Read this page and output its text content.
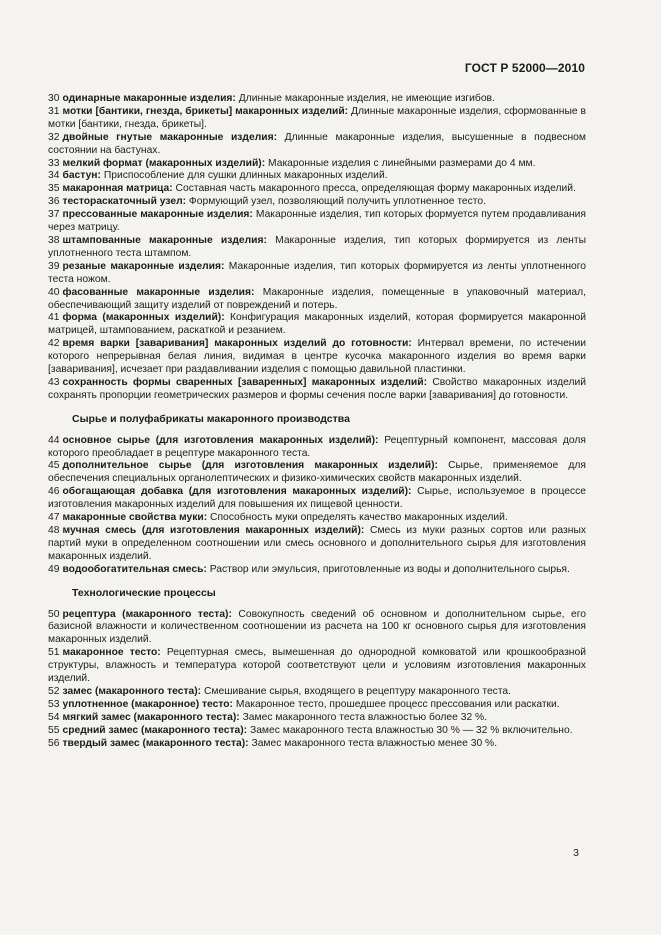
ГОСТ Р 52000—2010

30 одинарные макаронные изделия: Длинные макаронные изделия, не имеющие изгибов.

31 мотки [бантики, гнезда, брикеты] макаронных изделий: Длинные макаронные изделия, сформованные в мотки [бантики, гнезда, брикеты].

32 двойные гнутые макаронные изделия: Длинные макаронные изделия, высушенные в подвесном состоянии на бастунах.

33 мелкий формат (макаронных изделий): Макаронные изделия с линейными размерами до 4 мм.

34 бастун: Приспособление для сушки длинных макаронных изделий.

35 макаронная матрица: Составная часть макаронного пресса, определяющая форму макаронных изделий.

36 тестораскаточный узел: Формующий узел, позволяющий получить уплотненное тесто.

37 прессованные макаронные изделия: Макаронные изделия, тип которых формуется путем продавливания через матрицу.

38 штампованные макаронные изделия: Макаронные изделия, тип которых формируется из ленты уплотненного теста штампом.

39 резаные макаронные изделия: Макаронные изделия, тип которых формируется из ленты уплотненного теста ножом.

40 фасованные макаронные изделия: Макаронные изделия, помещенные в упаковочный материал, обеспечивающий защиту изделий от повреждений и потерь.

41 форма (макаронных изделий): Конфигурация макаронных изделий, которая формируется макаронной матрицей, штампованием, раскаткой и резанием.

42 время варки [заваривания] макаронных изделий до готовности: Интервал времени, по истечении которого непрерывная белая линия, видимая в центре кусочка макаронного изделия во время варки [заваривания], исчезает при раздавливании изделия с помощью давильной пластинки.

43 сохранность формы сваренных [заваренных] макаронных изделий: Свойство макаронных изделий сохранять пропорции геометрических размеров и формы сечения после варки [заваривания] до готовности.

Сырье и полуфабрикаты макаронного производства

44 основное сырье (для изготовления макаронных изделий): Рецептурный компонент, массовая доля которого преобладает в рецептуре макаронного теста.

45 дополнительное сырье (для изготовления макаронных изделий): Сырье, применяемое для обеспечения специальных органолептических и физико-химических свойств макаронных изделий.

46 обогащающая добавка (для изготовления макаронных изделий): Сырье, используемое в процессе изготовления макаронных изделий для повышения их пищевой ценности.

47 макаронные свойства муки: Способность муки определять качество макаронных изделий.

48 мучная смесь (для изготовления макаронных изделий): Смесь из муки разных сортов или разных партий муки в определенном соотношении или смесь основного и дополнительного сырья для изготовления макаронных изделий.

49 водообогатительная смесь: Раствор или эмульсия, приготовленные из воды и дополнительного сырья.

Технологические процессы

50 рецептура (макаронного теста): Совокупность сведений об основном и дополнительном сырье, его базисной влажности и количественном соотношении из расчета на 100 кг основного сырья для изготовления макаронных изделий.

51 макаронное тесто: Рецептурная смесь, вымешенная до однородной комковатой или крошкообразной структуры, влажность и температура которой соответствуют цели и условиям изготовления макаронных изделий.

52 замес (макаронного теста): Смешивание сырья, входящего в рецептуру макаронного теста.

53 уплотненное (макаронное) тесто: Макаронное тесто, прошедшее процесс прессования или раскатки.

54 мягкий замес (макаронного теста): Замес макаронного теста влажностью более 32 %.

55 средний замес (макаронного теста): Замес макаронного теста влажностью 30 % — 32 % включительно.

56 твердый замес (макаронного теста): Замес макаронного теста влажностью менее 30 %.

3
